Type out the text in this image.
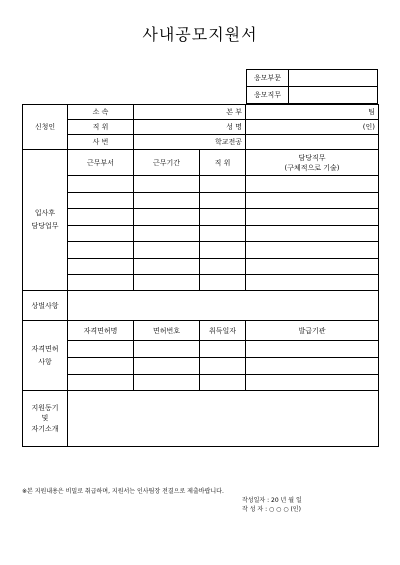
사내공모지원서
응모부문	
응모직무	
신청인	소 속	본 부		팀
	직 위	성 명		(인)
	사 번	학교전공		
입사후
담당업무	근무부서	근무기간	직 위	담당직무
(구체적으로 기술)

상벌사항				
자격면허
사항	자격면허명	면허번호	취득일자	발급기관

지원동기
및
자기소개				
※본 지원내용은 비밀로 취급하며, 지원서는 인사팀장 전결으로 제출바랍니다.
작성일자 : 20 년 월 일
작 성 자 : ○ ○ ○ (인)
